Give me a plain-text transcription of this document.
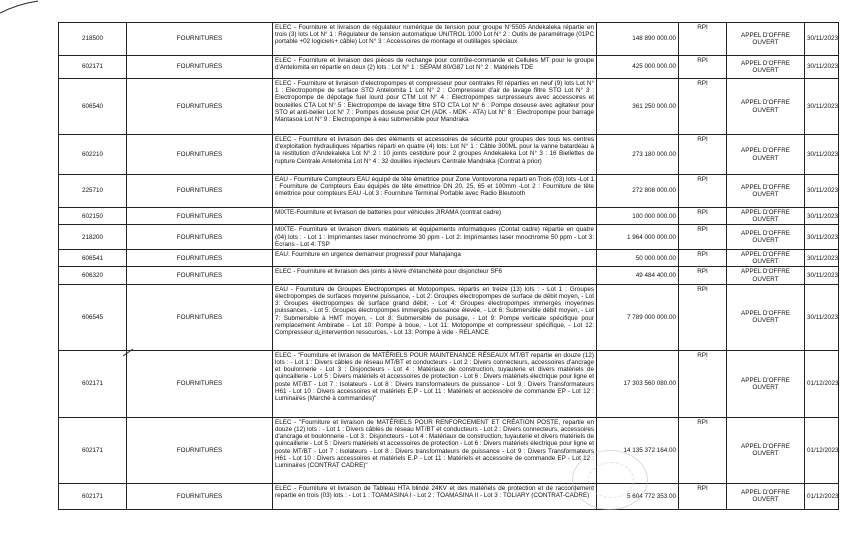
218500	FOURNITURES	ELEC - Fourniture et livraison de régulateur numérique de tension pour groupe N°5505 Andekaleka répartie en trois (3) lots Lot N° 1 : Régulateur de tension automatique UNITROL 1000 Lot N° 2 : Outils de paramétrage (01PC portable +02 logiciels+ câble) Lot N° 3 : Accessoires de montage et outillages spéciaux	148 890 000.00	RPI	APPEL D'OFFRE OUVERT	30/11/2023
602171	FOURNITURES	ELEC - Fourniture et livraison des pièces de rechange pour contrôle-commande et Cellules MT pour le groupe d'Antelomita en répartie en deux (2) lots : Lot N° 1 : SEPAM 80/G87 Lot N° 2 : Matériels TDE	425 000 000.00	RPI	APPEL D'OFFRE OUVERT	30/11/2023
606540	FOURNITURES	ELEC - Fourniture et livraison d'electropompes et compresseur pour centrales RI réparties en neuf (9) lots Lot N° 1 : Electropompe de surface STO Antelomita 1 Lot N° 2 : Compresseur d'air de lavage filtre STO Lot N° 3 : Electropompe de dépotage fuel lourd pour CTM Lot N° 4 : Electropompes surpresseurs avec accessoires et bouteilles CTA Lot N° 5 : Electropompe de lavage filtre STO CTA Lot N° 6 : Pompe doseuse avec agitateur pour STO et anti-belier Lot N° 7 : Pompes doseuse pour CH (ADK - MDK - ATA) Lot N° 8 : Electropompe pour barrage Mantasoa Lot N° 9 : Electropompe à eau submersible pour Mandraka	361 250 000.00	RPI	APPEL D'OFFRE OUVERT	30/11/2023
602210	FOURNITURES	ELEC - Fourniture et livraison des des éléments et accessoires de sécurité pour groupes des tous les centres d'exploitation hydrauliques réparties réparti en quatre (4) lots: Lot N° 1 : Câble 300ML pour la vanne batardeau à la restitution d'Andekaleka Lot N° 2 : 10 joints cestidure pour 2 groupes Andekaleka Lot N° 3 : 16 Biellettes de rupture Centrale Antelomita Lot N° 4 : 32 douilles injecteurs Centrale Mandraka (Contrat à prior)	273 180 000.00	RPI	APPEL D'OFFRE OUVERT	30/11/2023
225710	FOURNITURES	EAU - Fourniture Compteurs EAU équipé de tête émettrice pour Zone Vontovorona reparti en Trois (03) lots -Lot 1 : Fourniture de Compteurs Eau équipés de tête émettrice DN 20, 25, 65 et 100mm -Lot 2 : Fourniture de tête émettrice pour compteurs EAU -Lot 3 : Fourniture Terminal Portable avec Radio Bleutooth	272 808 000.00	RPI	APPEL D'OFFRE OUVERT	30/11/2023
602150	FOURNITURES	MIXTE-Fourniture et livraison de batteries pour véhicules JIRAMA (contrat cadre)	100 000 000.00	RPI	APPEL D'OFFRE OUVERT	30/11/2023
218200	FOURNITURES	MIXTE- Fourniture et livraison divers matériels et équipements informatiques (Contat cadre) répartie en quatre (04) lots : - Lot 1 : Imprimantes laser monochrome 30 ppm - Lot 2: Imprimantes laser mnochrome 50 ppm - Lot 3: Ecrans - Lot 4: TSP	1 964 000 000.00	RPI	APPEL D'OFFRE OUVERT	30/11/2023
606541	FOURNITURES	EAU: Fourniture en urgence demarreur progressif pour Mahajanga	50 000 000.00	RPI	APPEL D'OFFRE OUVERT	30/11/2023
606320	FOURNITURES	ELEC - Fourniture et livraison des joints à lèvre d'étanchéité pour disjoncteur SF6	49 484 400.00	RPI	APPEL D'OFFRE OUVERT	30/11/2023
606545	FOURNITURES	EAU - Fourniture de Groupes Electropompes et Motopompes, répartis en treize (13) lots : - Lot 1 : Groupes électropompes de surfaces moyenne puissance, - Lot 2: Groupes électropompes de surface de débit moyen, - Lot 3: Groupes électropompes de surface grand débit, - Lot 4: Groupes électropompes immergés moyennes puissances, - Lot 5: Groupes électropompes immergés puissance élevée, - Lot 6: Submersible débit moyen, - Lot 7: Submersible à HMT moyen, - Lot 8: Submersible de puisage, - Lot 9: Pompe verticale spécifique pour remplacement Ambirabe - Lot 10: Pompe à boue, - Lot 11: Motopompe et compresseur spécifique, - Lot 12: Compresseur d¿intervention resscurces, - Lot 13: Pompe à vide - RELANCE	7 789 000 000.00	RPI	APPEL D'OFFRE OUVERT	30/11/2023
602171	FOURNITURES	ELEC - "Fourniture et livraison de MATÉRIELS POUR MAINTENANCE RÉSEAUX MT/BT repartie en douze (12) lots : - Lot 1 : Divers câbles de réseau MT/BT et conducteurs - Lot 2 : Divers connecteurs, accessoires d'ancrage et boulonnerie - Lot 3 : Disjoncteurs - Lot 4 : Matériaux de construction, tuyauterie et divers matériels de quincaillerie - Lot 5 : Divers matériels et accessoires de protection - Lot 6 : Divers matériels électrique pour ligne et poste MT/BT - Lot 7 : Isolateurs - Lot 8 : Divers transformateurs de puissance - Lot 9 : Divers Transformateurs H61 - Lot 10 : Divers accessoires et matériels E.P - Lot 11 : Matériels et accessoire de commande EP - Lot 12 : Luminaires (Marché à commandes)"	17 303 560 080.00	RPI	APPEL D'OFFRE OUVERT	01/12/2023
602171	FOURNITURES	ELEC - "Fourniture et livraison de MATÉRIELS POUR RENFORCEMENT ET CRÉATION POSTE, repartie en douze (12) lots : - Lot 1 : Divers câbles de réseau MT/BT et conducteurs - Lot 2 : Divers connecteurs, accessoires d'ancrage et boulonnerie - Lot 3 : Disjoncteurs - Lot 4 : Matériaux de construction, tuyauterie et divers matériels de quincaillerie - Lot 5 : Divers matériels et accessoires de protection - Lot 6 : Divers matériels électrique pour ligne et poste MT/BT - Lot 7 : Isolateurs - Lot 8 : Divers transformateurs de puissance - Lot 9 : Divers Transformateurs H61 - Lot 10 : Divers accessoires et matériels E.P - Lot 11 : Matériels et accessoire de commande EP - Lot 12 : Luminaires (CONTRAT CADRE)"	14 135 372 164.00	RPI	APPEL D'OFFRE OUVERT	01/12/2023
602171	FOURNITURES	ELEC - Fourniture et livraison de Tableau HTA blindé 24KV et des matériels de protection et de raccordement repartie en trois (03) lots : - Lot 1 : TOAMASINA I - Lot 2 : TOAMASINA II - Lot 3 : TOLIARY (CONTRAT-CADRE)	5 604 772 353.00	RPI	APPEL D'OFFRE OUVERT	01/12/2023
